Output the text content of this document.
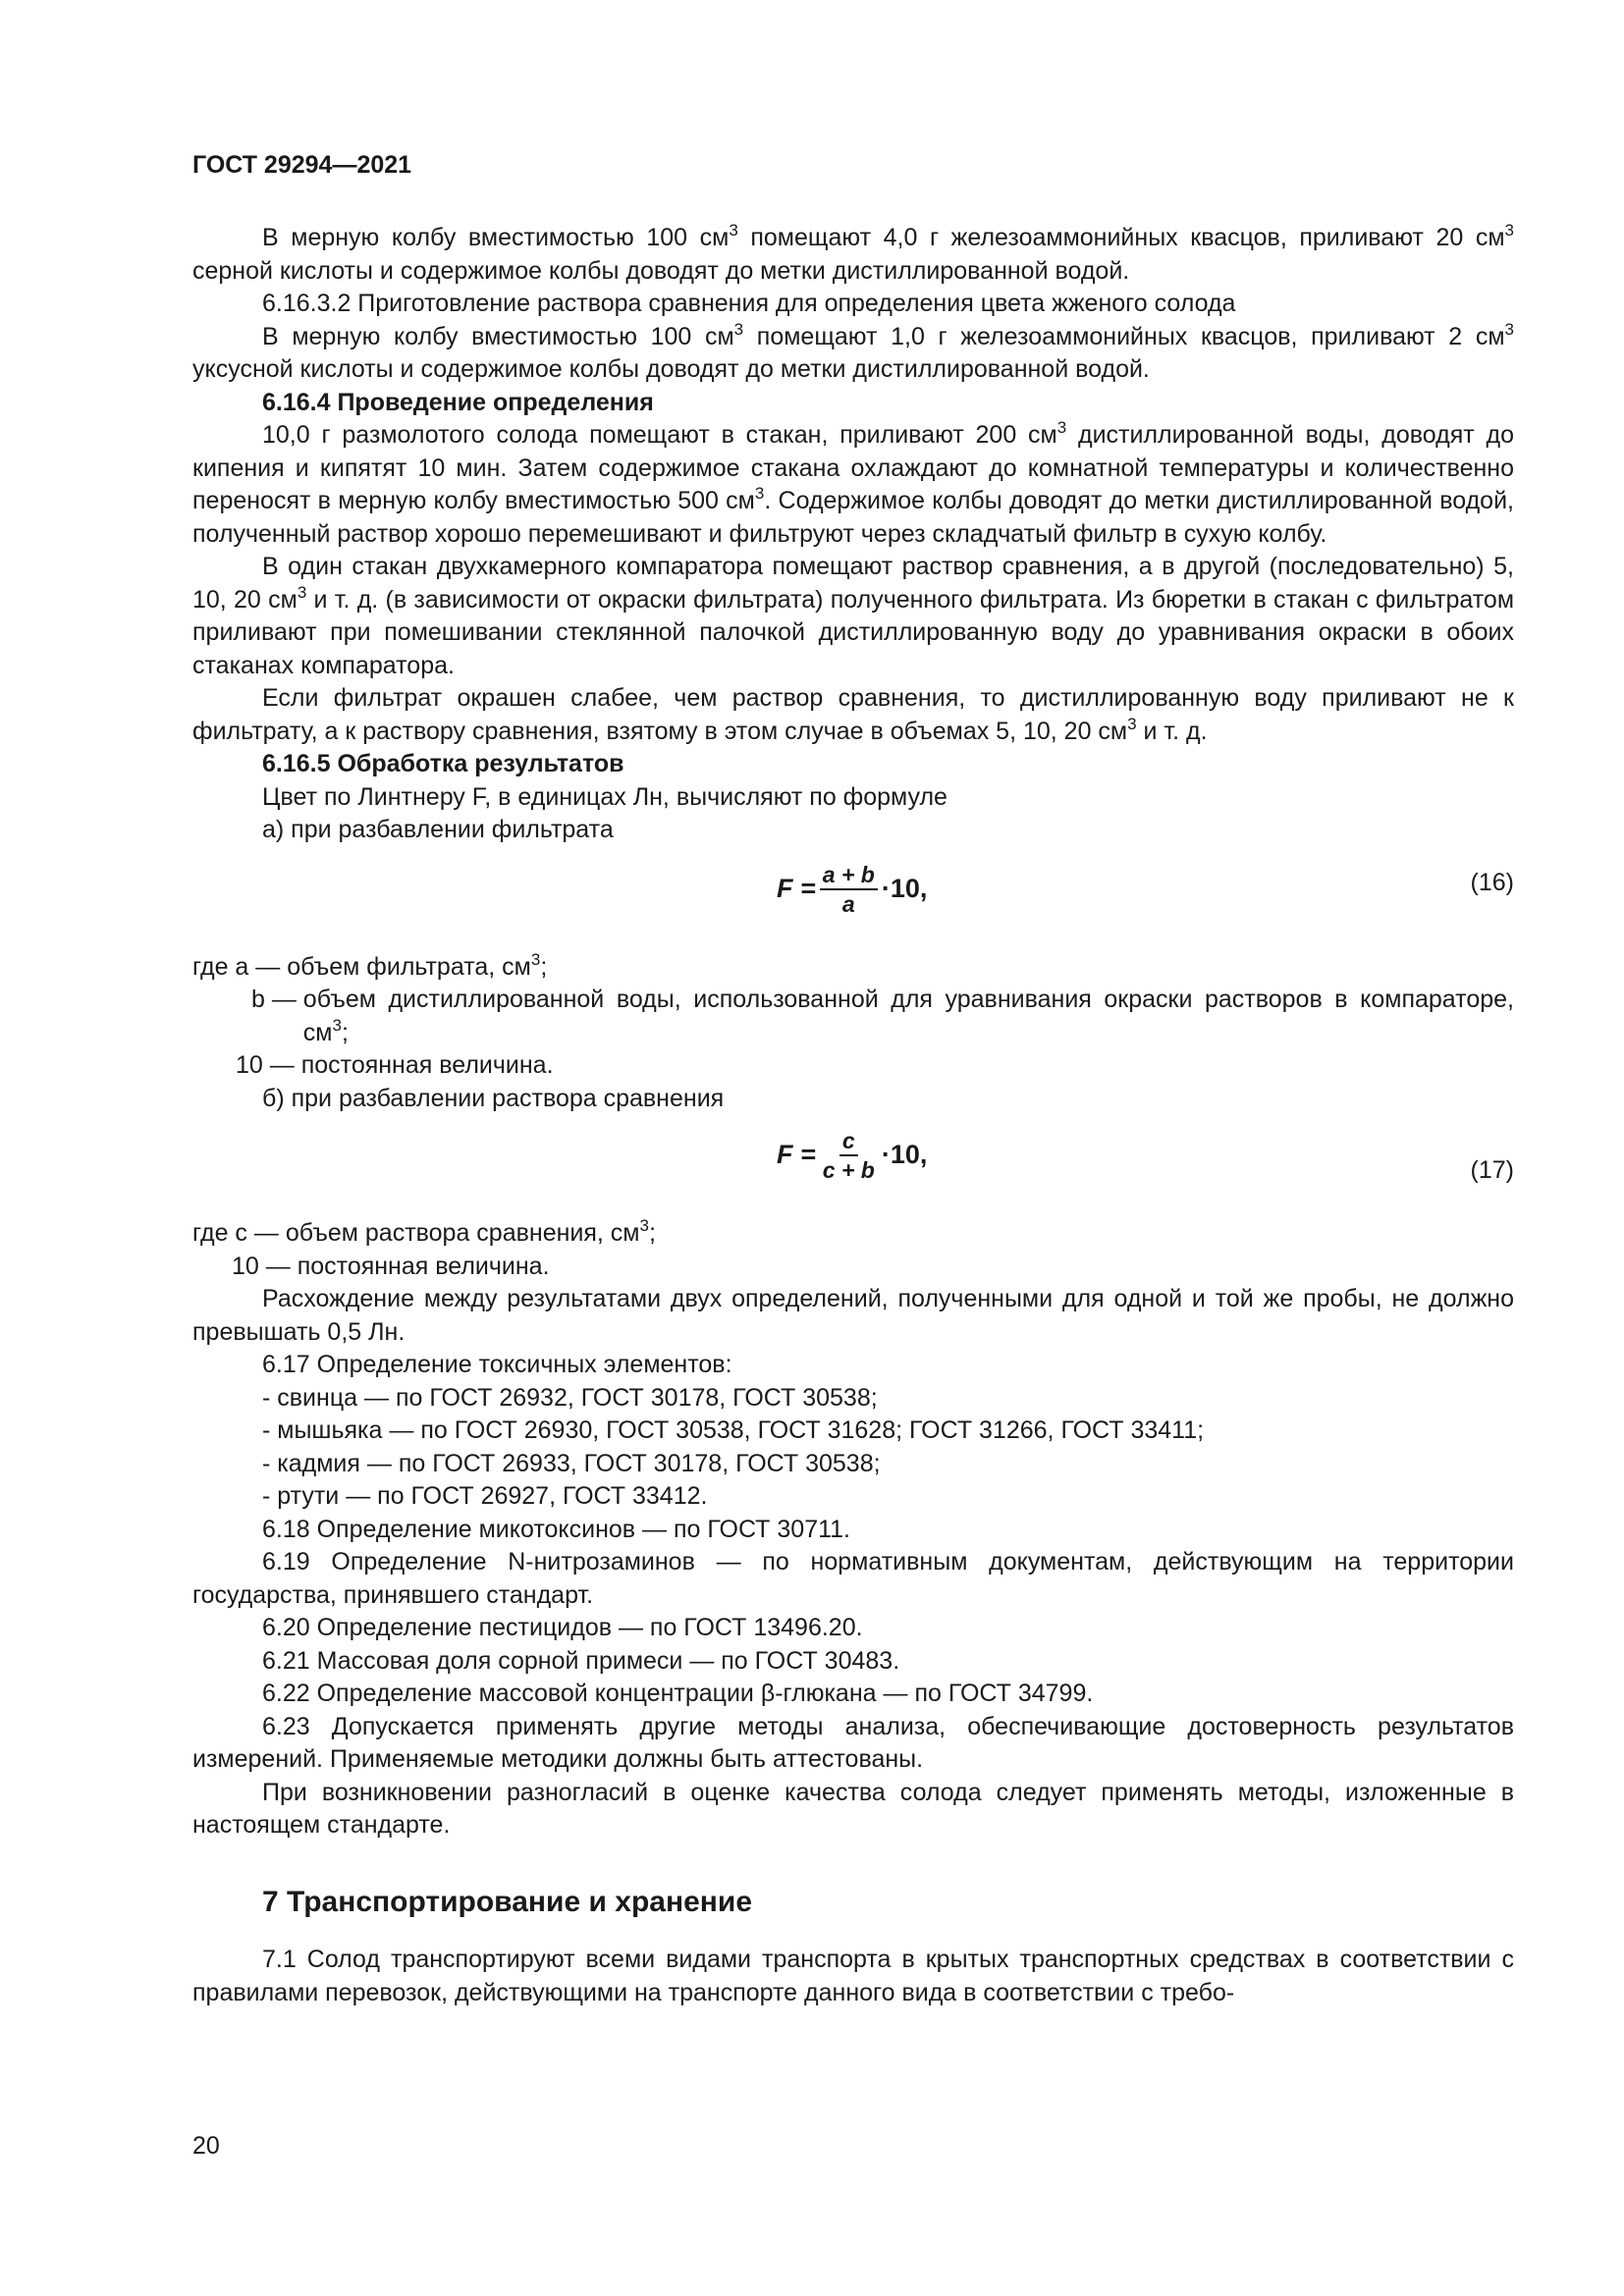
ГОСТ 29294—2021

В мерную колбу вместимостью 100 $см^3$ помещают 4,0 г железоаммонийных квасцов, приливают 20 $см^3$ серной кислоты и содержимое колбы доводят до метки дистиллированной водой.

6.16.3.2 Приготовление раствора сравнения для определения цвета жженого солода

В мерную колбу вместимостью 100 $см^3$ помещают 1,0 г железоаммонийных квасцов, приливают 2 $см^3$ уксусной кислоты и содержимое колбы доводят до метки дистиллированной водой.

6.16.4 Проведение определения

10,0 г размолотого солода помещают в стакан, приливают 200 $см^3$ дистиллированной воды, доводят до кипения и кипятят 10 мин. Затем содержимое стакана охлаждают до комнатной температуры и количественно переносят в мерную колбу вместимостью 500 $см^3$. Содержимое колбы доводят до метки дистиллированной водой, полученный раствор хорошо перемешивают и фильтруют через складчатый фильтр в сухую колбу.

В один стакан двухкамерного компаратора помещают раствор сравнения, а в другой (последовательно) 5, 10, 20 $см^3$ и т. д. (в зависимости от окраски фильтрата) полученного фильтрата. Из бюретки в стакан с фильтратом приливают при помешивании стеклянной палочкой дистиллированную воду до уравнивания окраски в обоих стаканах компаратора.

Если фильтрат окрашен слабее, чем раствор сравнения, то дистиллированную воду приливают не к фильтрату, а к раствору сравнения, взятому в этом случае в объемах 5, 10, 20 $см^3$ и т. д.

6.16.5 Обработка результатов

Цвет по Линтнеру F, в единицах Лн, вычисляют по формуле

а) при разбавлении фильтрата

$F = \frac{a + b}{a} \cdot 10$,	(16)
где a — объем фильтрата, $см^3$;
b — объем дистиллированной воды, использованной для уравнивания окраски растворов в компараторе, $см^3$;
10 — постоянная величина.

б) при разбавлении раствора сравнения

$F = \frac{c}{c + b} \cdot 10$,
(17)
где c — объем раствора сравнения, $см^3$;
10 — постоянная величина.

Расхождение между результатами двух определений, полученными для одной и той же пробы, не должно превышать 0,5 Лн.

6.17 Определение токсичных элементов:

- свинца — по ГОСТ 26932, ГОСТ 30178, ГОСТ 30538;

- мышьяка — по ГОСТ 26930, ГОСТ 30538, ГОСТ 31628; ГОСТ 31266, ГОСТ 33411;

- кадмия — по ГОСТ 26933, ГОСТ 30178, ГОСТ 30538;

- ртути — по ГОСТ 26927, ГОСТ 33412.

6.18 Определение микотоксинов — по ГОСТ 30711.

6.19 Определение N-нитрозаминов — по нормативным документам, действующим на территории государства, принявшего стандарт.

6.20 Определение пестицидов — по ГОСТ 13496.20.

6.21 Массовая доля сорной примеси — по ГОСТ 30483.

6.22 Определение массовой концентрации β-глюкана — по ГОСТ 34799.

6.23 Допускается применять другие методы анализа, обеспечивающие достоверность результатов измерений. Применяемые методики должны быть аттестованы.

При возникновении разногласий в оценке качества солода следует применять методы, изложенные в настоящем стандарте.

7 Транспортирование и хранение

7.1 Солод транспортируют всеми видами транспорта в крытых транспортных средствах в соответствии с правилами перевозок, действующими на транспорте данного вида в соответствии с требо-

20
